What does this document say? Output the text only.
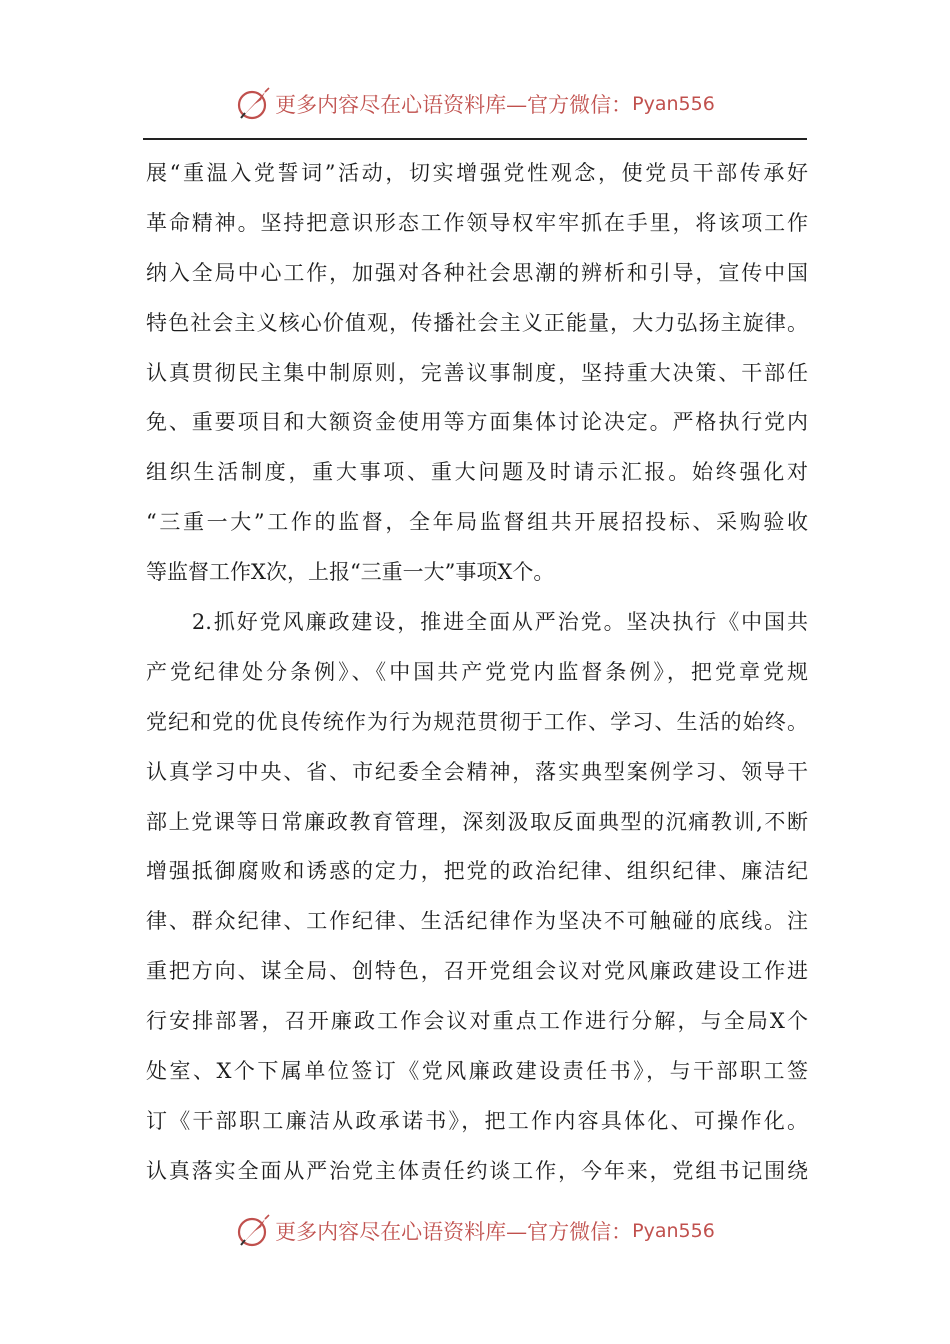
更多内容尽在心语资料库—官方微信： Pyan556
展“重温入党誓词”活动，切实增强党性观念，使党员干部传承好
革命精神。坚持把意识形态工作领导权牢牢抓在手里，将该项工作
纳入全局中心工作，加强对各种社会思潮的辨析和引导，宣传中国
特色社会主义核心价值观，传播社会主义正能量，大力弘扬主旋律。
认真贯彻民主集中制原则，完善议事制度，坚持重大决策、干部任
免、重要项目和大额资金使用等方面集体讨论决定。严格执行党内
组织生活制度，重大事项、重大问题及时请示汇报。始终强化对
“三重一大”工作的监督，全年局监督组共开展招投标、采购验收
等监督工作X次，上报“三重一大”事项X个。
　　2.抓好党风廉政建设，推进全面从严治党。坚决执行《中国共
产党纪律处分条例》、《中国共产党党内监督条例》，把党章党规
党纪和党的优良传统作为行为规范贯彻于工作、学习、生活的始终。
认真学习中央、省、市纪委全会精神，落实典型案例学习、领导干
部上党课等日常廉政教育管理，深刻汲取反面典型的沉痛教训,不断
增强抵御腐败和诱惑的定力，把党的政治纪律、组织纪律、廉洁纪
律、群众纪律、工作纪律、生活纪律作为坚决不可触碰的底线。注
重把方向、谋全局、创特色，召开党组会议对党风廉政建设工作进
行安排部署，召开廉政工作会议对重点工作进行分解，与全局X个
处室、X个下属单位签订《党风廉政建设责任书》，与干部职工签
订《干部职工廉洁从政承诺书》，把工作内容具体化、可操作化。
认真落实全面从严治党主体责任约谈工作，今年来，党组书记围绕
更多内容尽在心语资料库—官方微信： Pyan556
